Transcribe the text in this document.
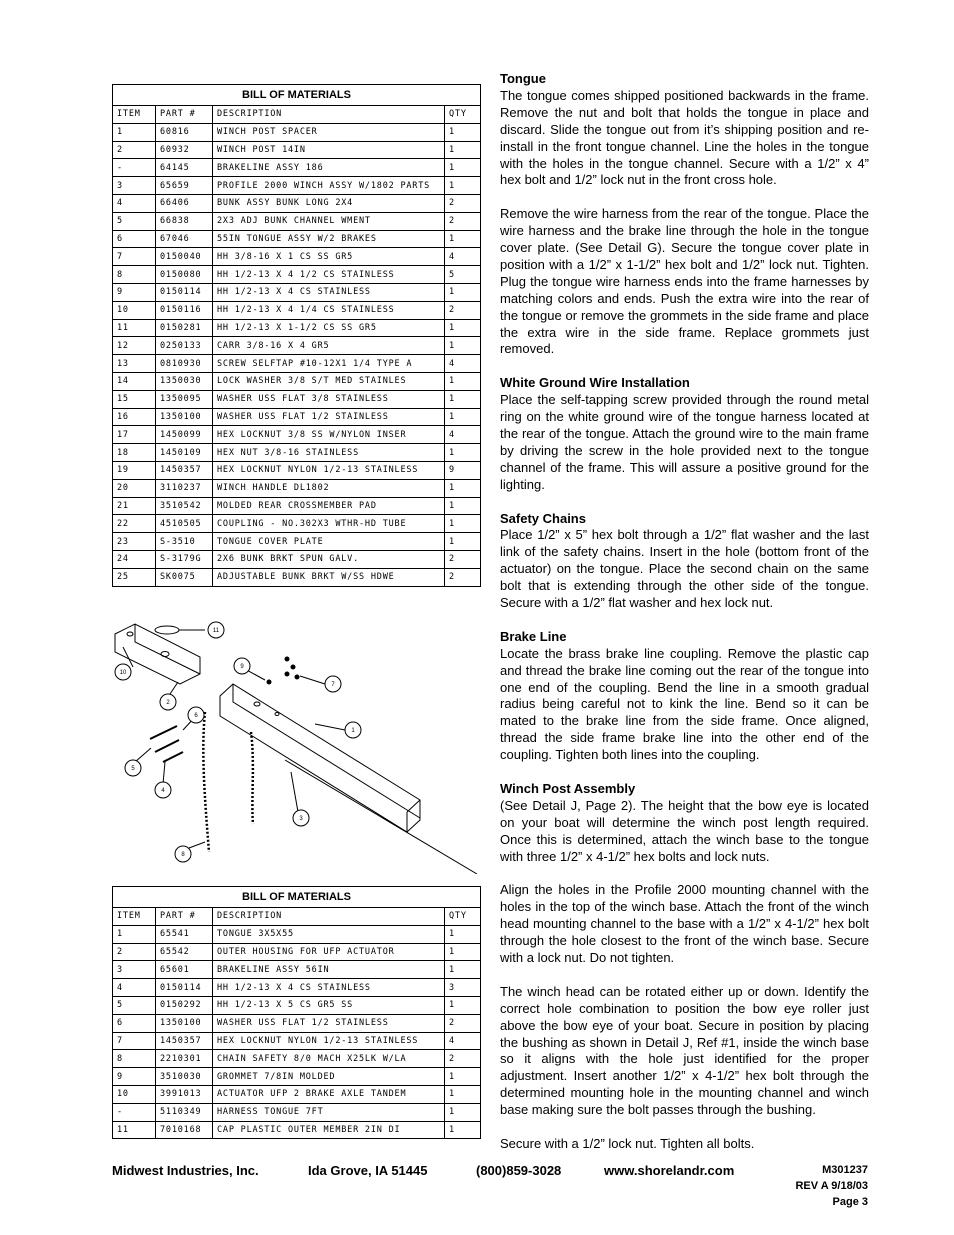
BILL OF MATERIALS			
ITEM	PART #	DESCRIPTION	QTY
1	60816	WINCH POST SPACER	1
2	60932	WINCH POST 14IN	1
-	64145	BRAKELINE ASSY 186	1
3	65659	PROFILE 2000 WINCH ASSY W/1802 PARTS	1
4	66406	BUNK ASSY BUNK LONG 2X4	2
5	66838	2X3 ADJ BUNK CHANNEL WMENT	2
6	67046	55IN TONGUE ASSY W/2 BRAKES	1
7	0150040	HH 3/8-16 X 1 CS SS GR5	4
8	0150080	HH 1/2-13 X 4 1/2 CS STAINLESS	5
9	0150114	HH 1/2-13 X 4 CS STAINLESS	1
10	0150116	HH 1/2-13 X 4 1/4 CS STAINLESS	2
11	0150281	HH 1/2-13 X 1-1/2 CS SS GR5	1
12	0250133	CARR 3/8-16 X 4 GR5	1
13	0810930	SCREW SELFTAP #10-12X1 1/4 TYPE A	4
14	1350030	LOCK WASHER 3/8 S/T MED STAINLES	1
15	1350095	WASHER USS FLAT 3/8 STAINLESS	1
16	1350100	WASHER USS FLAT 1/2 STAINLESS	1
17	1450099	HEX LOCKNUT 3/8 SS W/NYLON INSER	4
18	1450109	HEX NUT 3/8-16 STAINLESS	1
19	1450357	HEX LOCKNUT NYLON 1/2-13 STAINLESS	9
20	3110237	WINCH HANDLE DL1802	1
21	3510542	MOLDED REAR CROSSMEMBER PAD	1
22	4510505	COUPLING - NO.302X3 WTHR-HD TUBE	1
23	S-3510	TONGUE COVER PLATE	1
24	S-3179G	2X6 BUNK BRKT SPUN GALV.	2
25	SK0075	ADJUSTABLE BUNK BRKT W/SS HDWE	2
11
10
2
9
7
1
6
5
4
3
8
BILL OF MATERIALS			
ITEM	PART #	DESCRIPTION	QTY
1	65541	TONGUE 3X5X55	1
2	65542	OUTER HOUSING FOR UFP ACTUATOR	1
3	65601	BRAKELINE ASSY 56IN	1
4	0150114	HH 1/2-13 X 4 CS STAINLESS	3
5	0150292	HH 1/2-13 X 5 CS GR5 SS	1
6	1350100	WASHER USS FLAT 1/2 STAINLESS	2
7	1450357	HEX LOCKNUT NYLON 1/2-13 STAINLESS	4
8	2210301	CHAIN SAFETY 8/0 MACH X25LK W/LA	2
9	3510030	GROMMET 7/8IN MOLDED	1
10	3991013	ACTUATOR UFP 2 BRAKE AXLE TANDEM	1
-	5110349	HARNESS TONGUE 7FT	1
11	7010168	CAP PLASTIC OUTER MEMBER 2IN DI	1
Tongue

The tongue comes shipped positioned backwards in the frame. Remove the nut and bolt that holds the tongue in place and discard. Slide the tongue out from it’s shipping position and re-install in the front tongue channel. Line the holes in the tongue with the holes in the tongue channel. Secure with a 1/2” x 4” hex bolt and 1/2” lock nut in the front cross hole.

Remove the wire harness from the rear of the tongue. Place the wire harness and the brake line through the hole in the tongue cover plate. (See Detail G). Secure the tongue cover plate in position with a 1/2” x 1-1/2” hex bolt and 1/2” lock nut. Tighten. Plug the tongue wire harness ends into the frame harnesses by matching colors and ends. Push the extra wire into the rear of the tongue or remove the grommets in the side frame and place the extra wire in the side frame. Replace grommets just removed.

White Ground Wire Installation

Place the self-tapping screw provided through the round metal ring on the white ground wire of the tongue harness located at the rear of the tongue. Attach the ground wire to the main frame by driving the screw in the hole provided next to the tongue channel of the frame. This will assure a positive ground for the lighting.

Safety Chains

Place 1/2” x 5” hex bolt through a 1/2” flat washer and the last link of the safety chains. Insert in the hole (bottom front of the actuator) on the tongue. Place the second chain on the same bolt that is extending through the other side of the tongue. Secure with a 1/2” flat washer and hex lock nut.

Brake Line

Locate the brass brake line coupling. Remove the plastic cap and thread the brake line coming out the rear of the tongue into one end of the coupling. Bend the line in a smooth gradual radius being careful not to kink the line. Bend so it can be mated to the brake line from the side frame. Once aligned, thread the side frame brake line into the other end of the coupling. Tighten both lines into the coupling.

Winch Post Assembly

(See Detail J, Page 2). The height that the bow eye is located on your boat will determine the winch post length required. Once this is determined, attach the winch base to the tongue with three 1/2” x 4-1/2” hex bolts and lock nuts.

Align the holes in the Profile 2000 mounting channel with the holes in the top of the winch base. Attach the front of the winch head mounting channel to the base with a 1/2” x 4-1/2” hex bolt through the hole closest to the front of the winch base. Secure with a lock nut. Do not tighten.

The winch head can be rotated either up or down. Identify the correct hole combination to position the bow eye roller just above the bow eye of your boat. Secure in position by placing the bushing as shown in Detail J, Ref #1, inside the winch base so it aligns with the hole just identified for the proper adjustment. Insert another 1/2” x 4-1/2” hex bolt through the determined mounting hole in the mounting channel and winch base making sure the bolt passes through the bushing.

Secure with a 1/2” lock nut. Tighten all bolts.

Midwest Industries, Inc.	Ida Grove, IA 51445	(800)859-3028	www.shorelandr.com	M301237
REV A 9/18/03
Page 3
